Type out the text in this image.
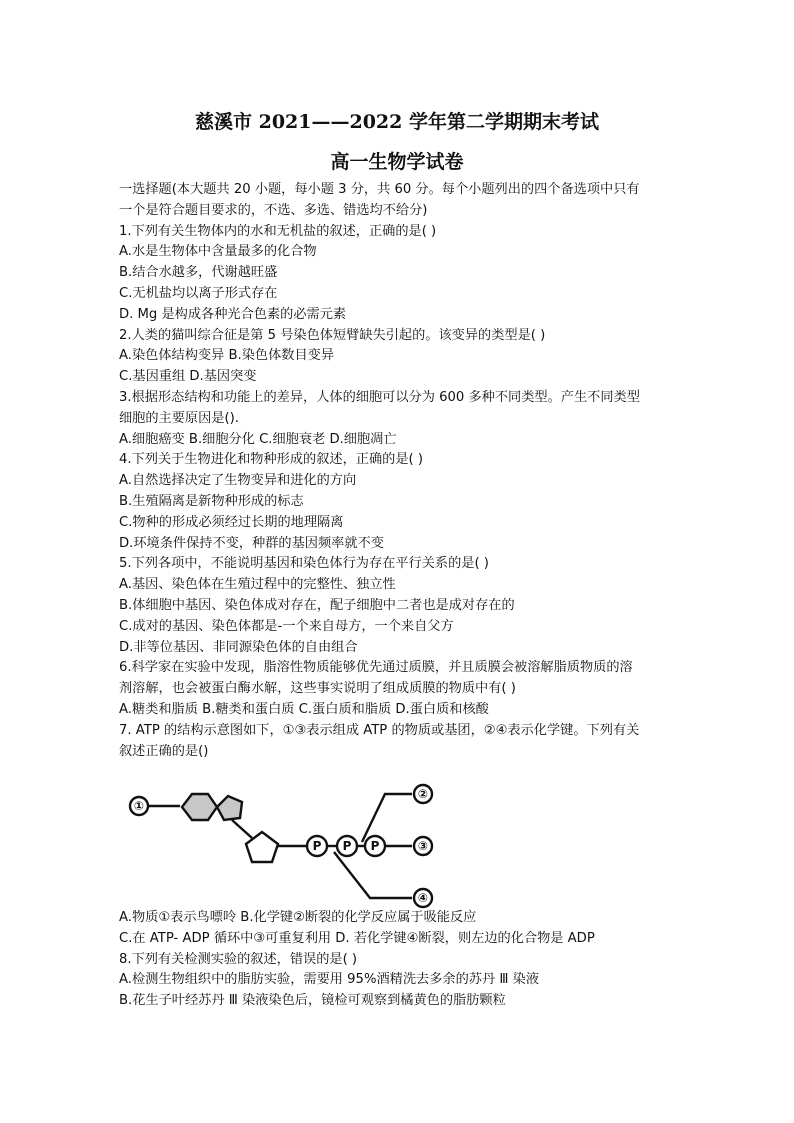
慈溪市 2021——2022 学年第二学期期末考试
高一生物学试卷
一选择题(本大题共 20 小题，每小题 3 分，共 60 分。每个小题列出的四个备选项中只有
一个是符合题目要求的，不选、多选、错选均不给分)
1.下列有关生物体内的水和无机盐的叙述，正确的是( )
A.水是生物体中含量最多的化合物
B.结合水越多，代谢越旺盛
C.无机盐均以离子形式存在
D. Mg 是构成各种光合色素的必需元素
2.人类的猫叫综合征是第 5 号染色体短臂缺失引起的。该变异的类型是( )
A.染色体结构变异 B.染色体数目变异
C.基因重组 D.基因突变
3.根据形态结构和功能上的差异，人体的细胞可以分为 600 多种不同类型。产生不同类型
细胞的主要原因是().
A.细胞癌变 B.细胞分化 C.细胞衰老 D.细胞凋亡
4.下列关于生物进化和物种形成的叙述，正确的是( )
A.自然选择决定了生物变异和进化的方向
B.生殖隔离是新物种形成的标志
C.物种的形成必须经过长期的地理隔离
D.环境条件保持不变，种群的基因频率就不变
5.下列各项中，不能说明基因和染色体行为存在平行关系的是( )
A.基因、染色体在生殖过程中的完整性、独立性
B.体细胞中基因、染色体成对存在，配子细胞中二者也是成对存在的
C.成对的基因、染色体都是-一个来自母方，一个来自父方
D.非等位基因、非同源染色体的自由组合
6.科学家在实验中发现，脂溶性物质能够优先通过质膜，并且质膜会被溶解脂质物质的溶
剂溶解，也会被蛋白酶水解，这些事实说明了组成质膜的物质中有( )
A.糖类和脂质 B.糖类和蛋白质 C.蛋白质和脂质 D.蛋白质和核酸
7. ATP 的结构示意图如下，①③表示组成 ATP 的物质或基团，②④表示化学键。下列有关
叙述正确的是()
①
②
③
④
P P P
A.物质①表示鸟嘌呤 B.化学键②断裂的化学反应属于吸能反应
C.在 ATP- ADP 循环中③可重复利用 D. 若化学键④断裂，则左边的化合物是 ADP
8.下列有关检测实验的叙述，错误的是( )
A.检测生物组织中的脂肪实验，需要用 95%酒精洗去多余的苏丹 Ⅲ 染液
B.花生子叶经苏丹 Ⅲ 染液染色后，镜检可观察到橘黄色的脂肪颗粒
